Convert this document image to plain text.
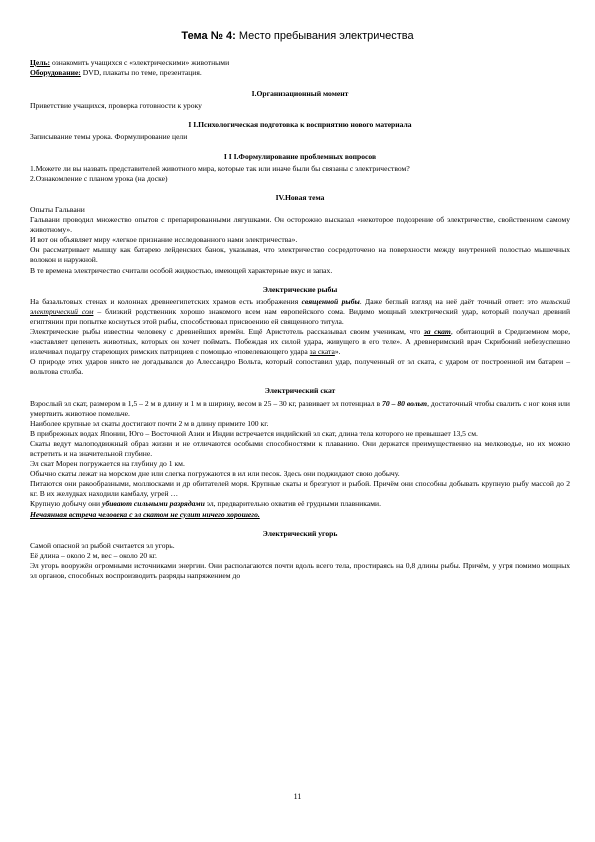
Тема № 4: Место пребывания электричества

Цель: ознакомить учащихся с «электрическими» животными

Оборудование: DVD, плакаты по теме, презентация.

I.Организационный момент

Приветствие учащихся, проверка готовности к уроку

I I.Психологическая подготовка к восприятию нового материала

Записывание темы урока. Формулирование цели

I I I.Формулирование проблемных вопросов

1.Можете ли вы назвать представителей животного мира, которые так или иначе были бы связаны с электричеством?

2.Ознакомление с планом урока (на доске)

IV.Новая тема

Опыты Гальвани

Гальвани проводил множество опытов с препарированными лягушками. Он осторожно высказал «некоторое подозрение об электричестве, свойственном самому животному».

И вот он объявляет миру «легкое признание исследованного нами электричества».

Он рассматривает мышцу как батарею лейденских банок, указывая, что электричество сосредоточено на поверхности между внутренней полостью мышечных волокон и наружной.

В те времена электричество считали особой жидкостью, имеющей характерные вкус и запах.

Электрические рыбы

На базальтовых стенах и колоннах древнеегипетских храмов есть изображения священной рыбы. Даже беглый взгляд на неё даёт точный ответ: это нильский электрический сом – близкий родственник хорошо знакомого всем нам европейского сома. Видимо мощный электрический удар, который получал древний египтянин при попытке коснуться этой рыбы, способствовал присвоению ей священного титула.

Электрические рыбы известны человеку с древнейших времён. Ещё Аристотель рассказывал своим ученикам, что за скат, обитающий в Средиземном море, «заставляет цепенеть животных, которых он хочет поймать. Побеждая их силой удара, живущего в его теле». А древнеримский врач Скрибоний небезуспешно излечивал подагру стареющих римских патрициев с помощью «повелевающего удара за ската».

О природе этих ударов никто не догадывался до Алессандро Вольта, который сопоставил удар, полученный от эл ската, с ударом от построенной им батареи – вольтова столба.

Электрический скат

Взрослый эл скат, размером в 1,5 – 2 м в длину и 1 м в ширину, весом в 25 – 30 кг, развивает эл потенциал в 70 – 80 вольт, достаточный чтобы свалить с ног коня или умертвить животное помельче.

Наиболее крупные эл скаты достигают почти 2 м в длину примите 100 кг.

В прибрежных водах Японии, Юго – Восточной Азии и Индии встречается индийский эл скат, длина тела которого не превышает 13,5 см.

Скаты ведут малоподвижный образ жизни и не отличаются особыми способностями к плаванию. Они держатся преимущественно на мелководье, но их можно встретить и на значительной глубине.

Эл скат Морен погружается на глубину до 1 км.

Обычно скаты лежат на морском дне или слегка погружаются в ил или песок. Здесь они поджидают свою добычу.

Питаются они ракообразными, моллюсками и др обитателей моря. Крупные скаты и брезгуют и рыбой. Причём они способны добывать крупную рыбу массой до 2 кг. В их желудках находили камбалу, угрей …

Крупную добычу они убивают сильными разрядами эл, предварительно охватив её грудными плавниками.

Нечаянная встреча человека с эл скатом не сулит ничего хорошего.

Электрический угорь

Самой опасной эл рыбой считается эл угорь.

Её длина – около 2 м, вес – около 20 кг.

Эл угорь вооружён огромными источниками энергии. Они располагаются почти вдоль всего тела, простираясь на 0,8 длины рыбы. Причём, у угря помимо мощных эл органов, способных воспроизводить разряды напряжением до

11
